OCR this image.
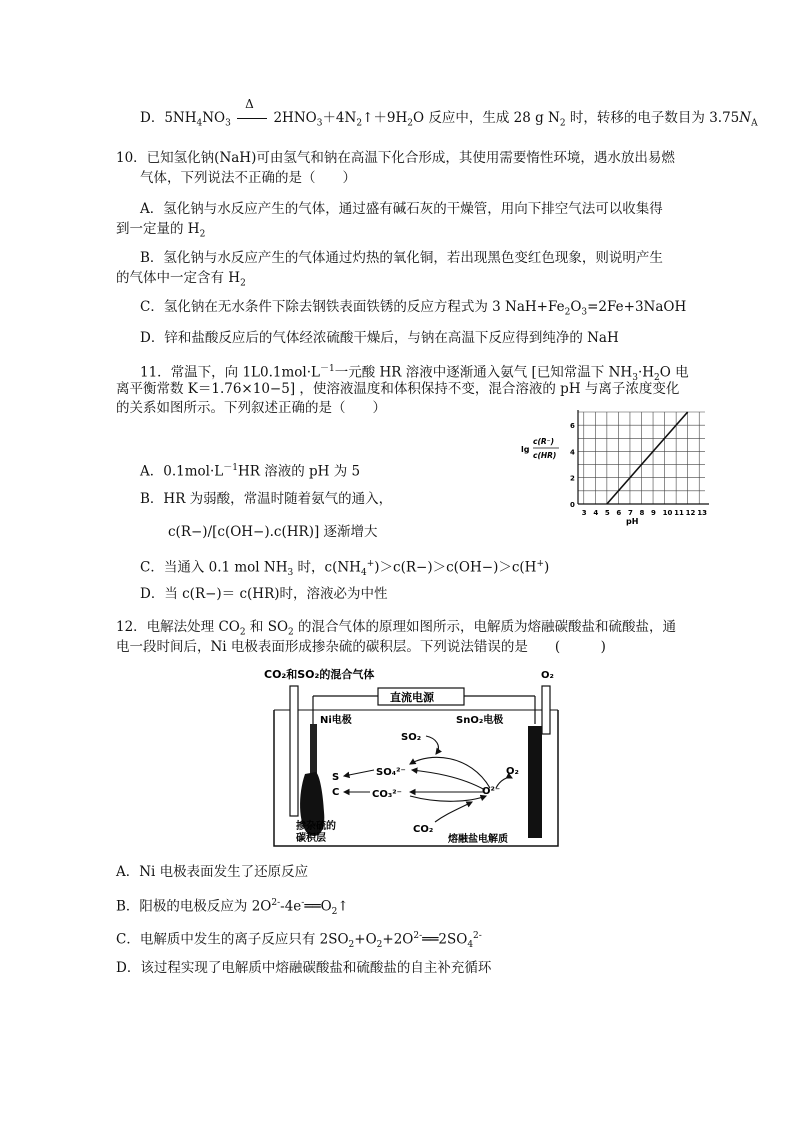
D．$5NH_4NO_3$
Δ
$2HNO_3+4N_2↑+9H_2O$ 反应中，生成 28 g $N_2$ 时，转移的电子数目为 $3.75N_A$
10．已知氢化钠(NaH)可由氢气和钠在高温下化合形成，其使用需要惰性环境，遇水放出易燃
气体，下列说法不正确的是（　　）
A．氢化钠与水反应产生的气体，通过盛有碱石灰的干燥管，用向下排空气法可以收集得
到一定量的 $H_2$
B．氢化钠与水反应产生的气体通过灼热的氧化铜，若出现黑色变红色现象，则说明产生
的气体中一定含有 $H_2$
C．氢化钠在无水条件下除去钢铁表面铁锈的反应方程式为 3 $NaH+Fe_2O_3=2Fe+3NaOH$
D．锌和盐酸反应后的气体经浓硫酸干燥后，与钠在高温下反应得到纯净的 NaH
11．常温下，向 $1L0.1mol\cdot L^{-1}$一元酸 HR 溶液中逐渐通入氨气 [已知常温下 $NH_3\cdot H_2O$ 电
离平衡常数 K＝1.76×10−5] ，使溶液温度和体积保持不变，混合溶液的 pH 与离子浓度变化
的关系如图所示。下列叙述正确的是（　　）
A．$0.1mol\cdot L^{-1}HR$ 溶液的 pH 为 5
B．HR 为弱酸，常温时随着氨气的通入，
c(R−)/[c(OH−).c(HR)] 逐渐增大
C．当通入 0.1 mol $NH_3$ 时，$c(NH_4^+)>c(R-)>c(OH-)>c(H^+)$
D．当 c(R−)＝ c(HR)时，溶液必为中性
3 4 5 6 7 8 9 10 11 12 13
0
2
4
6
lg
c(R⁻)
c(HR)
pH
12．电解法处理 $CO_2$ 和 $SO_2$ 的混合气体的原理如图所示，电解质为熔融碳酸盐和硫酸盐，通
电一段时间后，Ni 电极表面形成掺杂硫的碳积层。下列说法错误的是　　(　　　)
CO₂和SO₂的混合气体	O₂
直流电源
Ni电极	SnO₂电极
SO₂
SO₄²⁻
CO₃²⁻
S
C
O₂
O²⁻
CO₂
掺杂硫的
碳积层	熔融盐电解质
A．Ni 电极表面发生了还原反应
B．阳极的电极反应为 $2O^{2-}-4e^-══O_2↑$
C．电解质中发生的离子反应只有 $2SO_2+O_2+2O^{2-}══2SO_4^{2-}$
D．该过程实现了电解质中熔融碳酸盐和硫酸盐的自主补充循环
